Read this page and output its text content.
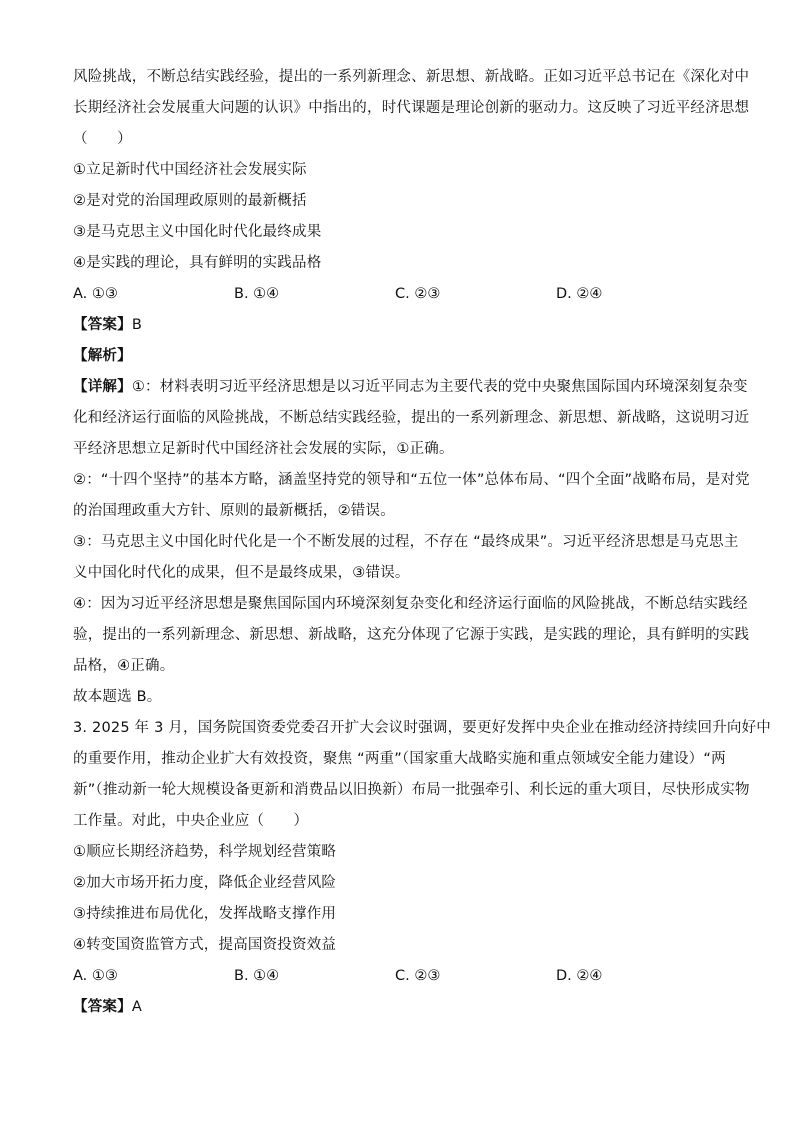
风险挑战，不断总结实践经验，提出的一系列新理念、新思想、新战略。正如习近平总书记在《深化对中
长期经济社会发展重大问题的认识》中指出的，时代课题是理论创新的驱动力。这反映了习近平经济思想
（　　）
①立足新时代中国经济社会发展实际
②是对党的治国理政原则的最新概括
③是马克思主义中国化时代化最终成果
④是实践的理论，具有鲜明的实践品格
A. ①③	B. ①④	C. ②③	D. ②④
【答案】B
【解析】
【详解】①：材料表明习近平经济思想是以习近平同志为主要代表的党中央聚焦国际国内环境深刻复杂变
化和经济运行面临的风险挑战，不断总结实践经验，提出的一系列新理念、新思想、新战略，这说明习近
平经济思想立足新时代中国经济社会发展的实际，①正确。
②：“十四个坚持”的基本方略，涵盖坚持党的领导和“五位一体”总体布局、“四个全面”战略布局，是对党
的治国理政重大方针、原则的最新概括，②错误。
③：马克思主义中国化时代化是一个不断发展的过程，不存在 “最终成果”。习近平经济思想是马克思主
义中国化时代化的成果，但不是最终成果，③错误。
④：因为习近平经济思想是聚焦国际国内环境深刻复杂变化和经济运行面临的风险挑战，不断总结实践经
验，提出的一系列新理念、新思想、新战略，这充分体现了它源于实践，是实践的理论，具有鲜明的实践
品格，④正确。
故本题选 B。
3. 2025 年 3 月，国务院国资委党委召开扩大会议时强调，要更好发挥中央企业在推动经济持续回升向好中
的重要作用，推动企业扩大有效投资，聚焦 “两重”（国家重大战略实施和重点领域安全能力建设）“两
新”（推动新一轮大规模设备更新和消费品以旧换新）布局一批强牵引、利长远的重大项目，尽快形成实物
工作量。对此，中央企业应（　　）
①顺应长期经济趋势，科学规划经营策略
②加大市场开拓力度，降低企业经营风险
③持续推进布局优化，发挥战略支撑作用
④转变国资监管方式，提高国资投资效益
A. ①③	B. ①④	C. ②③	D. ②④
【答案】A
